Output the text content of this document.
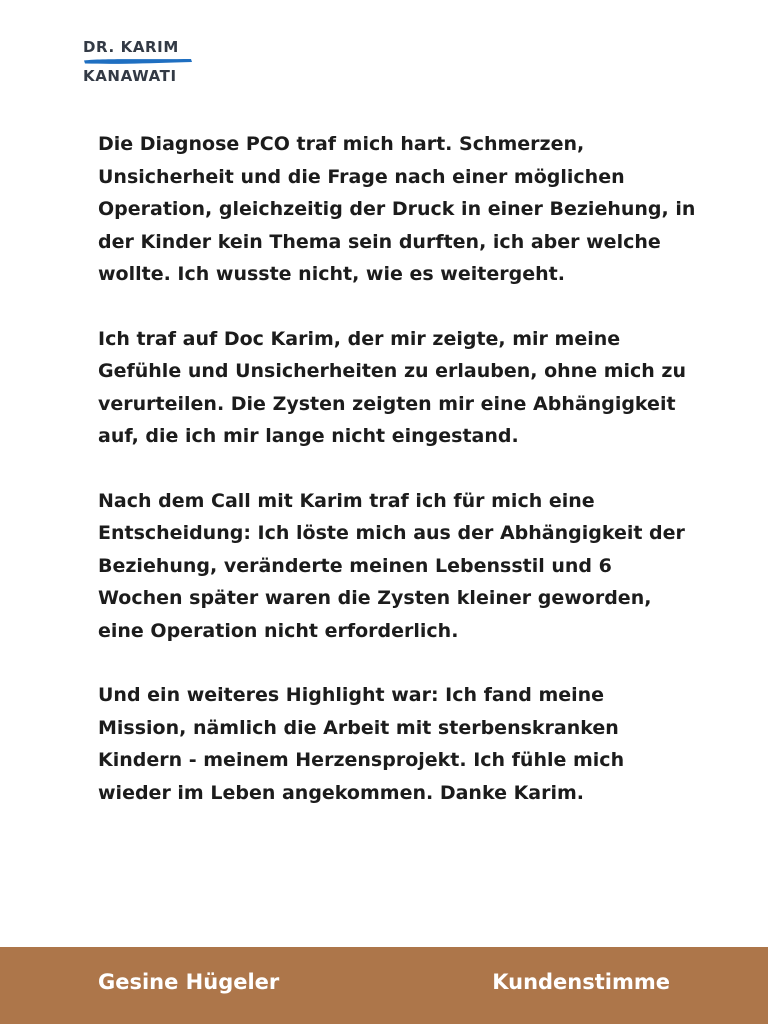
DR. KARIM
KANAWATI

Die Diagnose PCO traf mich hart. Schmerzen, Unsicherheit und die Frage nach einer möglichen Operation, gleichzeitig der Druck in einer Beziehung, in der Kinder kein Thema sein durften, ich aber welche wollte. Ich wusste nicht, wie es weitergeht.

Ich traf auf Doc Karim, der mir zeigte, mir meine Gefühle und Unsicherheiten zu erlauben, ohne mich zu verurteilen. Die Zysten zeigten mir eine Abhängigkeit auf, die ich mir lange nicht eingestand.

Nach dem Call mit Karim traf ich für mich eine Entscheidung: Ich löste mich aus der Abhängigkeit der Beziehung, veränderte meinen Lebensstil und 6 Wochen später waren die Zysten kleiner geworden, eine Operation nicht erforderlich.

Und ein weiteres Highlight war: Ich fand meine Mission, nämlich die Arbeit mit sterbenskranken Kindern - meinem Herzensprojekt. Ich fühle mich wieder im Leben angekommen. Danke Karim.

Gesine Hügeler	Kundenstimme
